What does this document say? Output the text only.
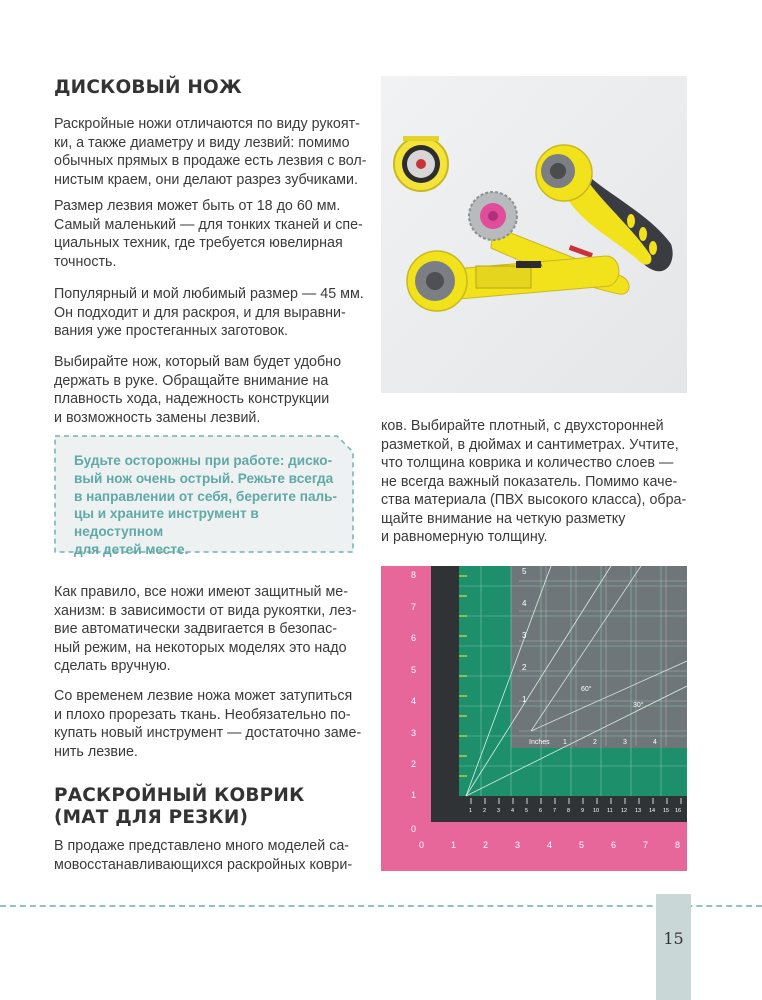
ДИСКОВЫЙ НОЖ

Раскройные ножи отличаются по виду рукоят-
ки, а также диаметру и виду лезвий: помимо
обычных прямых в продаже есть лезвия с вол-
нистым краем, они делают разрез зубчиками.

Размер лезвия может быть от 18 до 60 мм.
Самый маленький — для тонких тканей и спе-
циальных техник, где требуется ювелирная
точность.

Популярный и мой любимый размер — 45 мм.
Он подходит и для раскроя, и для выравни-
вания уже простеганных заготовок.

Выбирайте нож, который вам будет удобно
держать в руке. Обращайте внимание на
плавность хода, надежность конструкции
и возможность замены лезвий.

Будьте осторожны при работе: диско-
вый нож очень острый. Режьте всегда
в направлении от себя, берегите паль-
цы и храните инструмент в недоступном
для детей месте.

Как правило, все ножи имеют защитный ме-
ханизм: в зависимости от вида рукоятки, лез-
вие автоматически задвигается в безопас-
ный режим, на некоторых моделях это надо
сделать вручную.

Со временем лезвие ножа может затупиться
и плохо прорезать ткань. Необязательно по-
купать новый инструмент — достаточно заме-
нить лезвие.

РАСКРОЙНЫЙ КОВРИК
(МАТ ДЛЯ РЕЗКИ)

В продаже представлено много моделей са-
мовосстанавливающихся раскройных коври-

OLFA

ков. Выбирайте плотный, с двухсторонней
разметкой, в дюймах и сантиметрах. Учтите,
что толщина коврика и количество слоев —
не всегда важный показатель. Помимо каче-
ства материала (ПВХ высокого класса), обра-
щайте внимание на четкую разметку
и равномерную толщину.

8
7
6
5
4
3
2
1
0
0	1	2	3	4	5	6	7	8
5
4
3
2
1
Inches 1	2	3	4
60°
30°
1 2 3 4 5 6 7 8 9 10 11 12 13 14 15 16
15
